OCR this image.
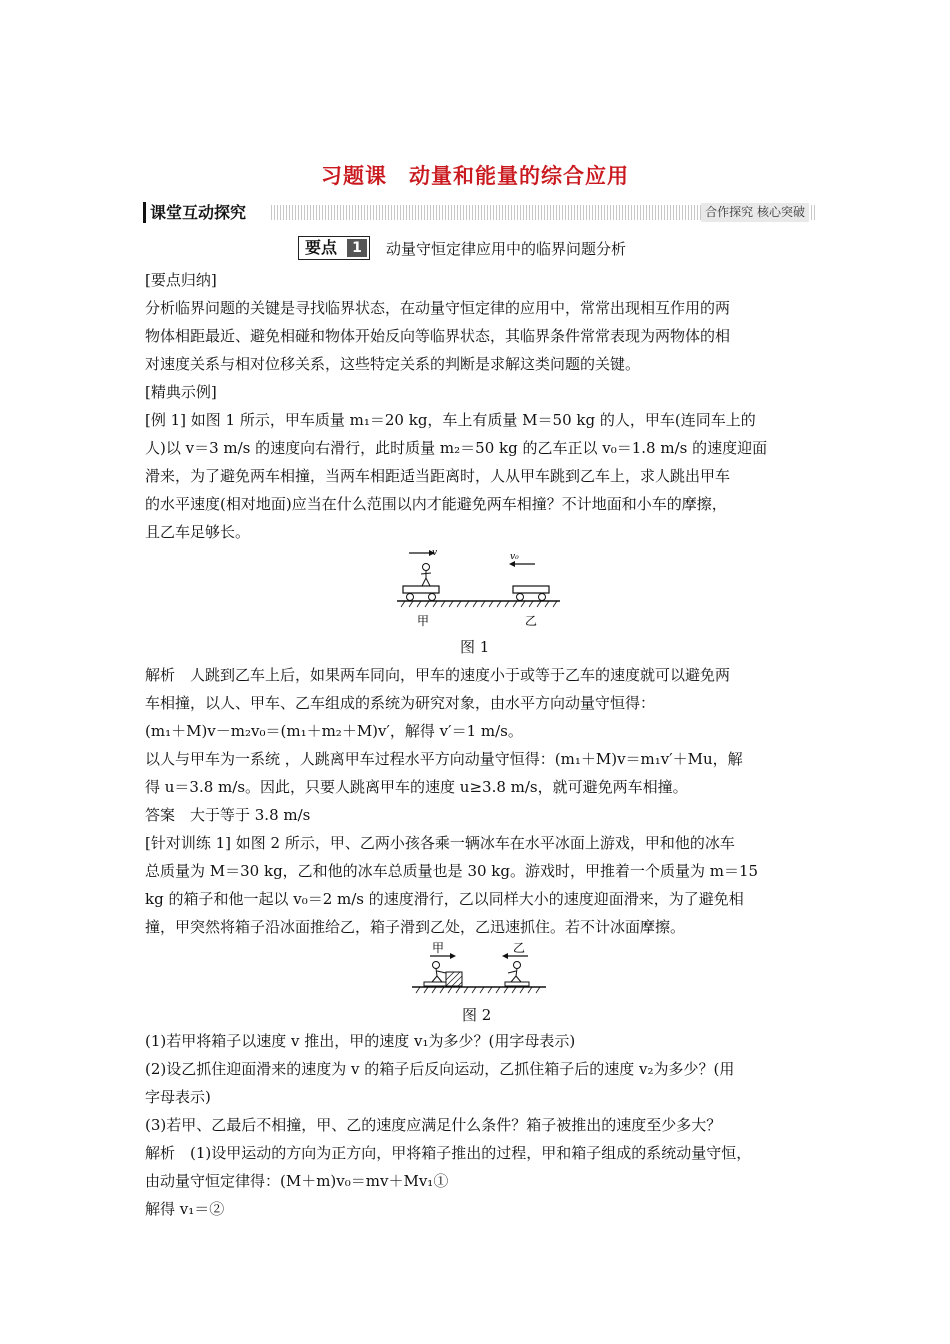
习题课　动量和能量的综合应用
课堂互动探究	合作探究 核心突破
要点	1	动量守恒定律应用中的临界问题分析
[要点归纳]
分析临界问题的关键是寻找临界状态，在动量守恒定律的应用中，常常出现相互作用的两
物体相距最近、避免相碰和物体开始反向等临界状态，其临界条件常常表现为两物体的相
对速度关系与相对位移关系，这些特定关系的判断是求解这类问题的关键。
[精典示例]
[例 1] 如图 1 所示，甲车质量 m₁＝20 kg，车上有质量 M＝50 kg 的人，甲车(连同车上的
人)以 v＝3 m/s 的速度向右滑行，此时质量 m₂＝50 kg 的乙车正以 v₀＝1.8 m/s 的速度迎面
滑来，为了避免两车相撞，当两车相距适当距离时，人从甲车跳到乙车上，求人跳出甲车
的水平速度(相对地面)应当在什么范围以内才能避免两车相撞？不计地面和小车的摩擦，
且乙车足够长。
v	v₀
甲	乙
图 1
解析　人跳到乙车上后，如果两车同向，甲车的速度小于或等于乙车的速度就可以避免两
车相撞，以人、甲车、乙车组成的系统为研究对象，由水平方向动量守恒得：
(m₁＋M)v－m₂v₀＝(m₁＋m₂＋M)v′，解得 v′＝1 m/s。
以人与甲车为一系统 ，人跳离甲车过程水平方向动量守恒得：(m₁＋M)v＝m₁v′＋Mu，解
得 u＝3.8 m/s。因此，只要人跳离甲车的速度 u≥3.8 m/s，就可避免两车相撞。
答案　大于等于 3.8 m/s
[针对训练 1] 如图 2 所示，甲、乙两小孩各乘一辆冰车在水平冰面上游戏，甲和他的冰车
总质量为 M＝30 kg，乙和他的冰车总质量也是 30 kg。游戏时，甲推着一个质量为 m＝15
kg 的箱子和他一起以 v₀＝2 m/s 的速度滑行，乙以同样大小的速度迎面滑来，为了避免相
撞，甲突然将箱子沿冰面推给乙，箱子滑到乙处，乙迅速抓住。若不计冰面摩擦。
甲	乙
图 2
(1)若甲将箱子以速度 v 推出，甲的速度 v₁为多少？(用字母表示)
(2)设乙抓住迎面滑来的速度为 v 的箱子后反向运动，乙抓住箱子后的速度 v₂为多少？(用
字母表示)
(3)若甲、乙最后不相撞，甲、乙的速度应满足什么条件？箱子被推出的速度至少多大？
解析　(1)设甲运动的方向为正方向，甲将箱子推出的过程，甲和箱子组成的系统动量守恒，
由动量守恒定律得：(M＋m)v₀＝mv＋Mv₁①
解得 v₁＝②
